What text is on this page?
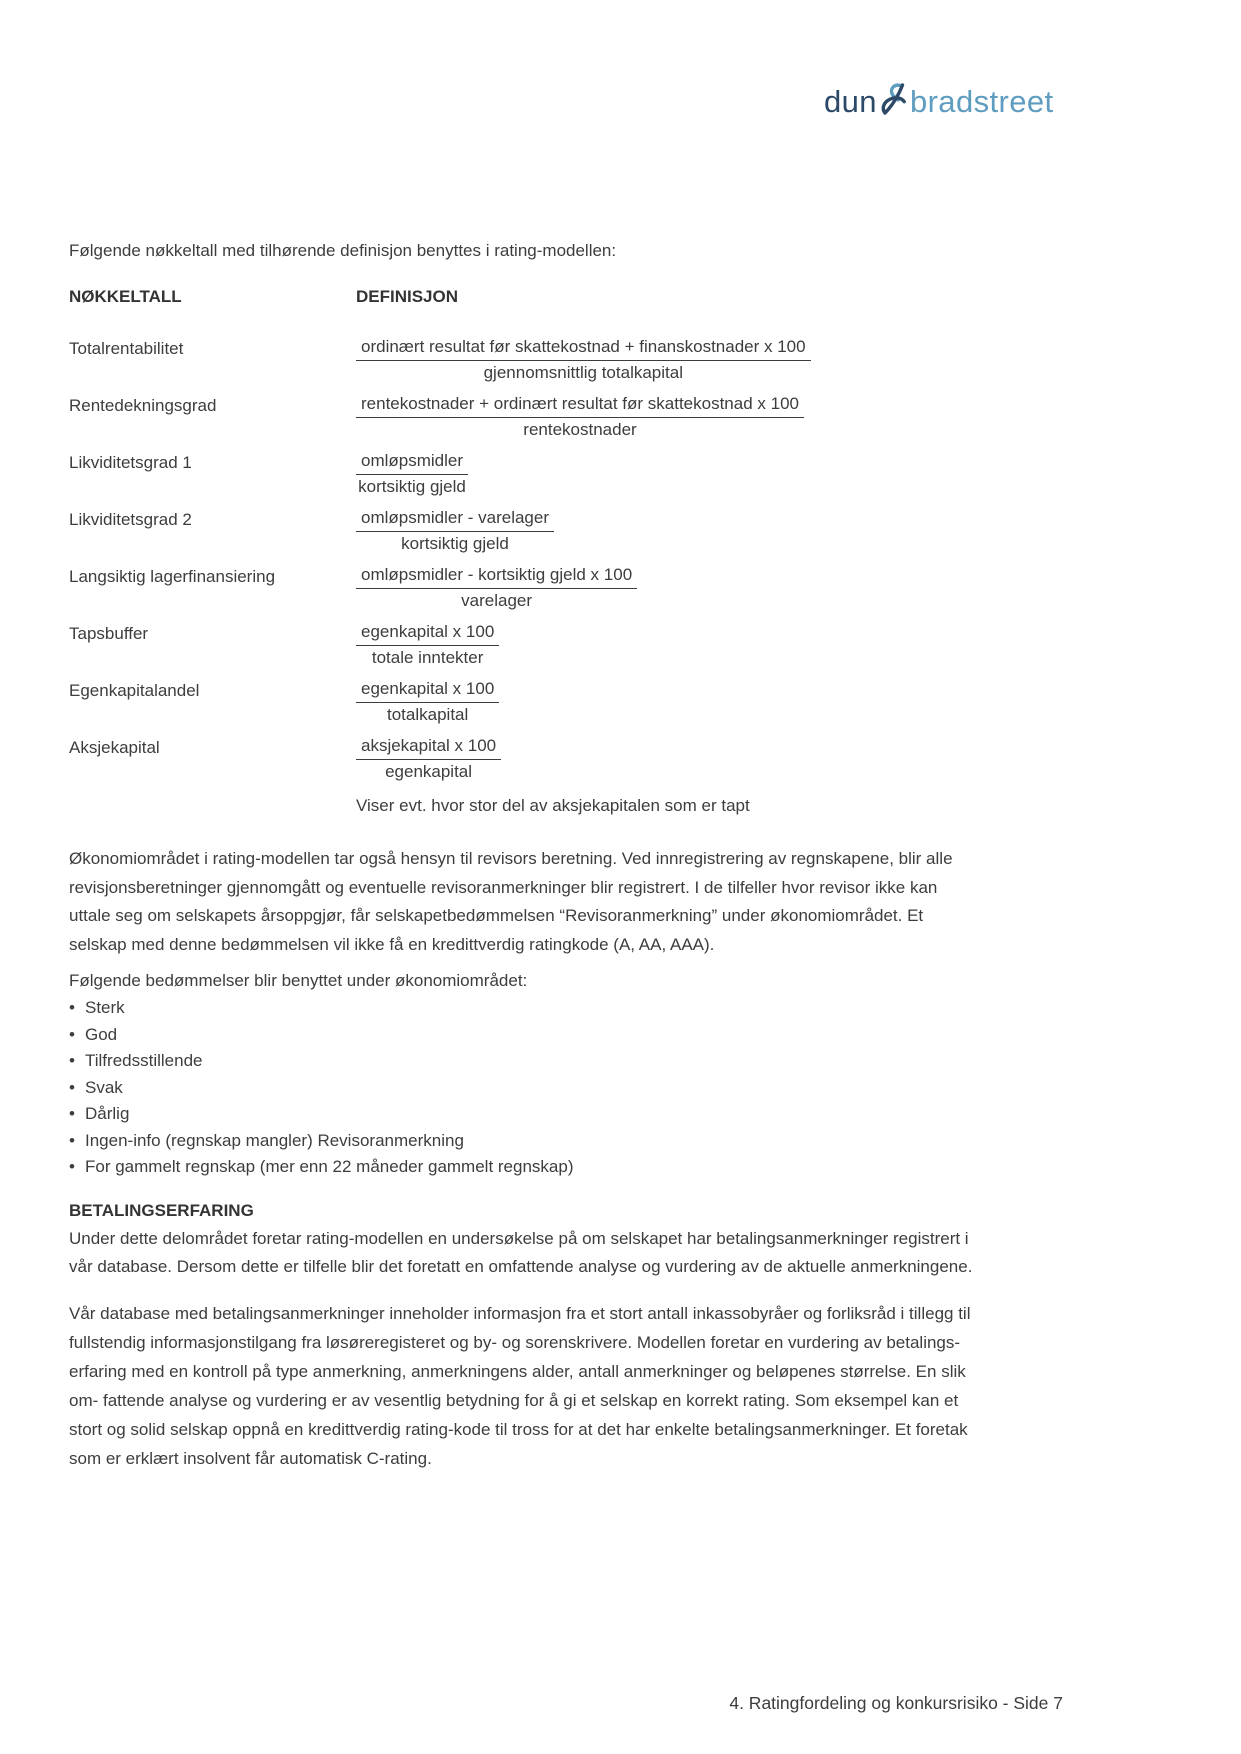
dun bradstreet
Følgende nøkkeltall med tilhørende definisjon benyttes i rating-modellen:
NØKKELTALL	DEFINISJON
Totalrentabilitet	$\frac{\text{ordinært resultat før skattekostnad + finanskostnader x 100}}{\text{gjennomsnittlig totalkapital}}$
Rentedekningsgrad	$\frac{\text{rentekostnader + ordinært resultat før skattekostnad x 100}}{\text{rentekostnader}}$
Likviditetsgrad 1	$\frac{\text{omløpsmidler}}{\text{kortsiktig gjeld}}$
Likviditetsgrad 2	$\frac{\text{omløpsmidler - varelager}}{\text{kortsiktig gjeld}}$
Langsiktig lagerfinansiering	$\frac{\text{omløpsmidler - kortsiktig gjeld x 100}}{\text{varelager}}$
Tapsbuffer	$\frac{\text{egenkapital x 100}}{\text{totale inntekter}}$
Egenkapitalandel	$\frac{\text{egenkapital x 100}}{\text{totalkapital}}$
Aksjekapital	$\frac{\text{aksjekapital x 100}}{\text{egenkapital}}$
Viser evt. hvor stor del av aksjekapitalen som er tapt

Økonomiområdet i rating-modellen tar også hensyn til revisors beretning. Ved innregistrering av regnskapene, blir alle revisjonsberetninger gjennomgått og eventuelle revisoranmerkninger blir registrert. I de tilfeller hvor revisor ikke kan uttale seg om selskapets årsoppgjør, får selskapetbedømmelsen “Revisoranmerkning” under økonomiområdet. Et selskap med denne bedømmelsen vil ikke få en kredittverdig ratingkode (A, AA, AAA).

Følgende bedømmelser blir benyttet under økonomiområdet:
• Sterk
• God
• Tilfredsstillende
• Svak
• Dårlig
• Ingen-info (regnskap mangler) Revisoranmerkning
• For gammelt regnskap (mer enn 22 måneder gammelt regnskap)
BETALINGSERFARING

Under dette delområdet foretar rating-modellen en undersøkelse på om selskapet har betalingsanmerkninger registrert i vår database. Dersom dette er tilfelle blir det foretatt en omfattende analyse og vurdering av de aktuelle anmerkningene.

Vår database med betalingsanmerkninger inneholder informasjon fra et stort antall inkassobyråer og forliksråd i tillegg til fullstendig informasjonstilgang fra løsøreregisteret og by- og sorenskrivere. Modellen foretar en vurdering av betalings- erfaring med en kontroll på type anmerkning, anmerkningens alder, antall anmerkninger og beløpenes størrelse. En slik om- fattende analyse og vurdering er av vesentlig betydning for å gi et selskap en korrekt rating. Som eksempel kan et stort og solid selskap oppnå en kredittverdig rating-kode til tross for at det har enkelte betalingsanmerkninger. Et foretak som er erklært insolvent får automatisk C-rating.

4. Ratingfordeling og konkursrisiko - Side 7
